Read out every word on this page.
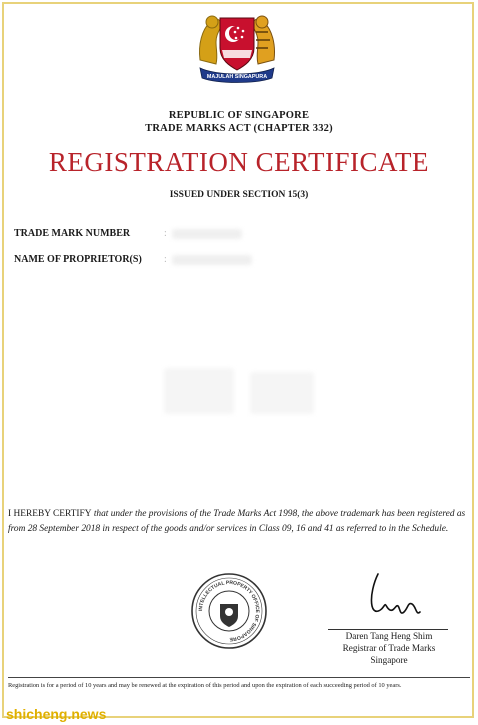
MAJULAH SINGAPURA
REPUBLIC OF SINGAPORE
TRADE MARKS ACT (CHAPTER 332)
REGISTRATION CERTIFICATE
ISSUED UNDER SECTION 15(3)
TRADE MARK NUMBER	:
NAME OF PROPRIETOR(S) :
I HEREBY CERTIFY that under the provisions of the Trade Marks Act 1998, the above trademark has been registered as from 28 September 2018 in respect of the goods and/or services in Class 09, 16 and 41 as referred to in the Schedule.
INTELLECTUAL PROPERTY OFFICE OF SINGAPORE	Daren Tang Heng Shim
Registrar of Trade Marks
Singapore
Registration is for a period of 10 years and may be renewed at the expiration of this period and upon the expiration of each succeeding period of 10 years.
shicheng.news
